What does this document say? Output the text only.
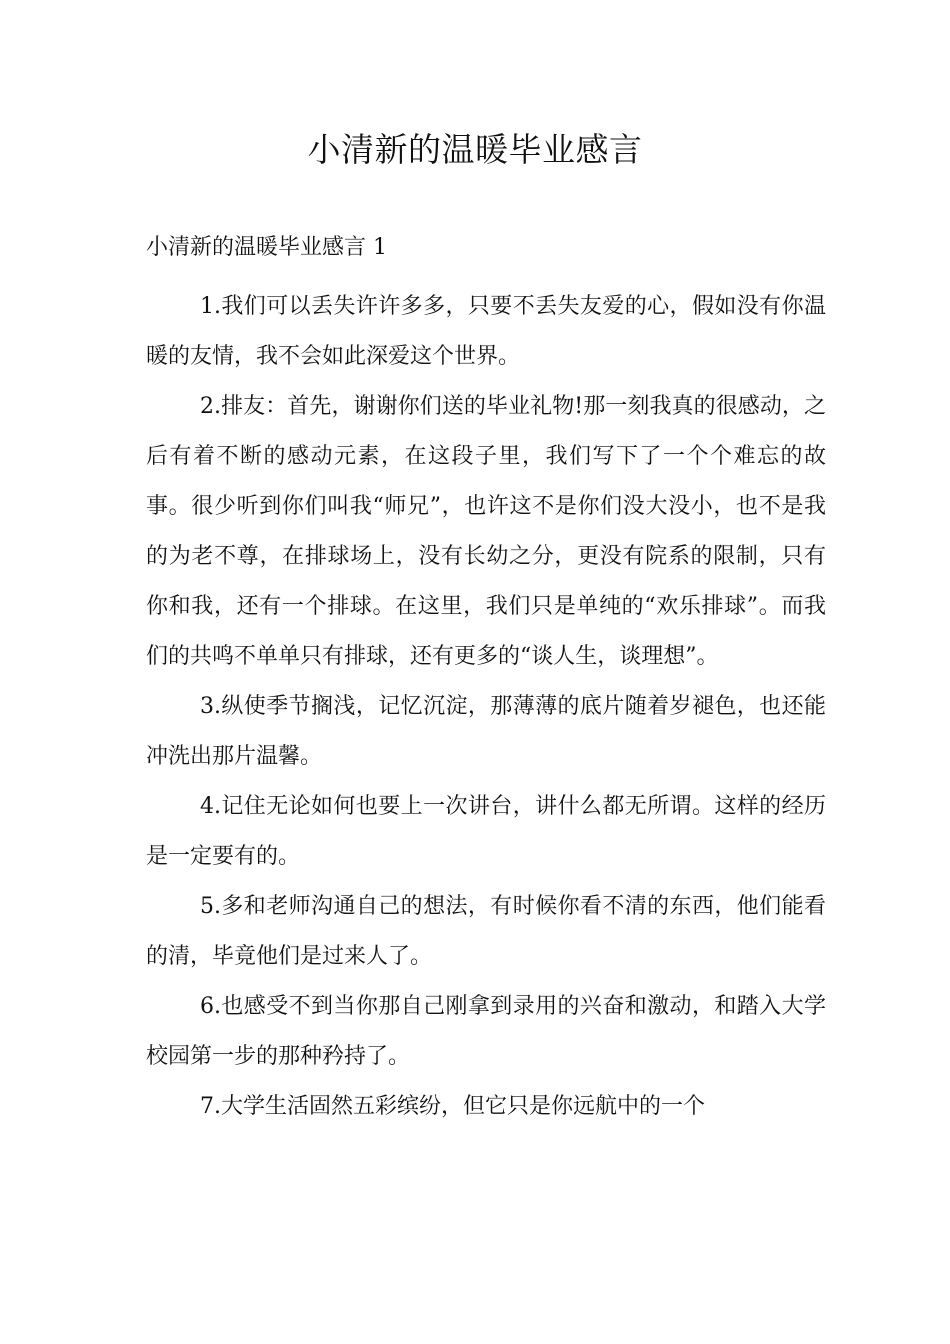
小清新的温暖毕业感言

小清新的温暖毕业感言 1

1.我们可以丢失许许多多，只要不丢失友爱的心，假如没有你温暖的友情，我不会如此深爱这个世界。

2.排友：首先，谢谢你们送的毕业礼物!那一刻我真的很感动，之后有着不断的感动元素，在这段子里，我们写下了一个个难忘的故事。很少听到你们叫我“师兄”，也许这不是你们没大没小，也不是我的为老不尊，在排球场上，没有长幼之分，更没有院系的限制，只有你和我，还有一个排球。在这里，我们只是单纯的“欢乐排球”。而我们的共鸣不单单只有排球，还有更多的“谈人生，谈理想”。

3.纵使季节搁浅，记忆沉淀，那薄薄的底片随着岁褪色，也还能冲洗出那片温馨。

4.记住无论如何也要上一次讲台，讲什么都无所谓。这样的经历是一定要有的。

5.多和老师沟通自己的想法，有时候你看不清的东西，他们能看的清，毕竟他们是过来人了。

6.也感受不到当你那自己刚拿到录用的兴奋和激动，和踏入大学校园第一步的那种矜持了。

7.大学生活固然五彩缤纷，但它只是你远航中的一个
